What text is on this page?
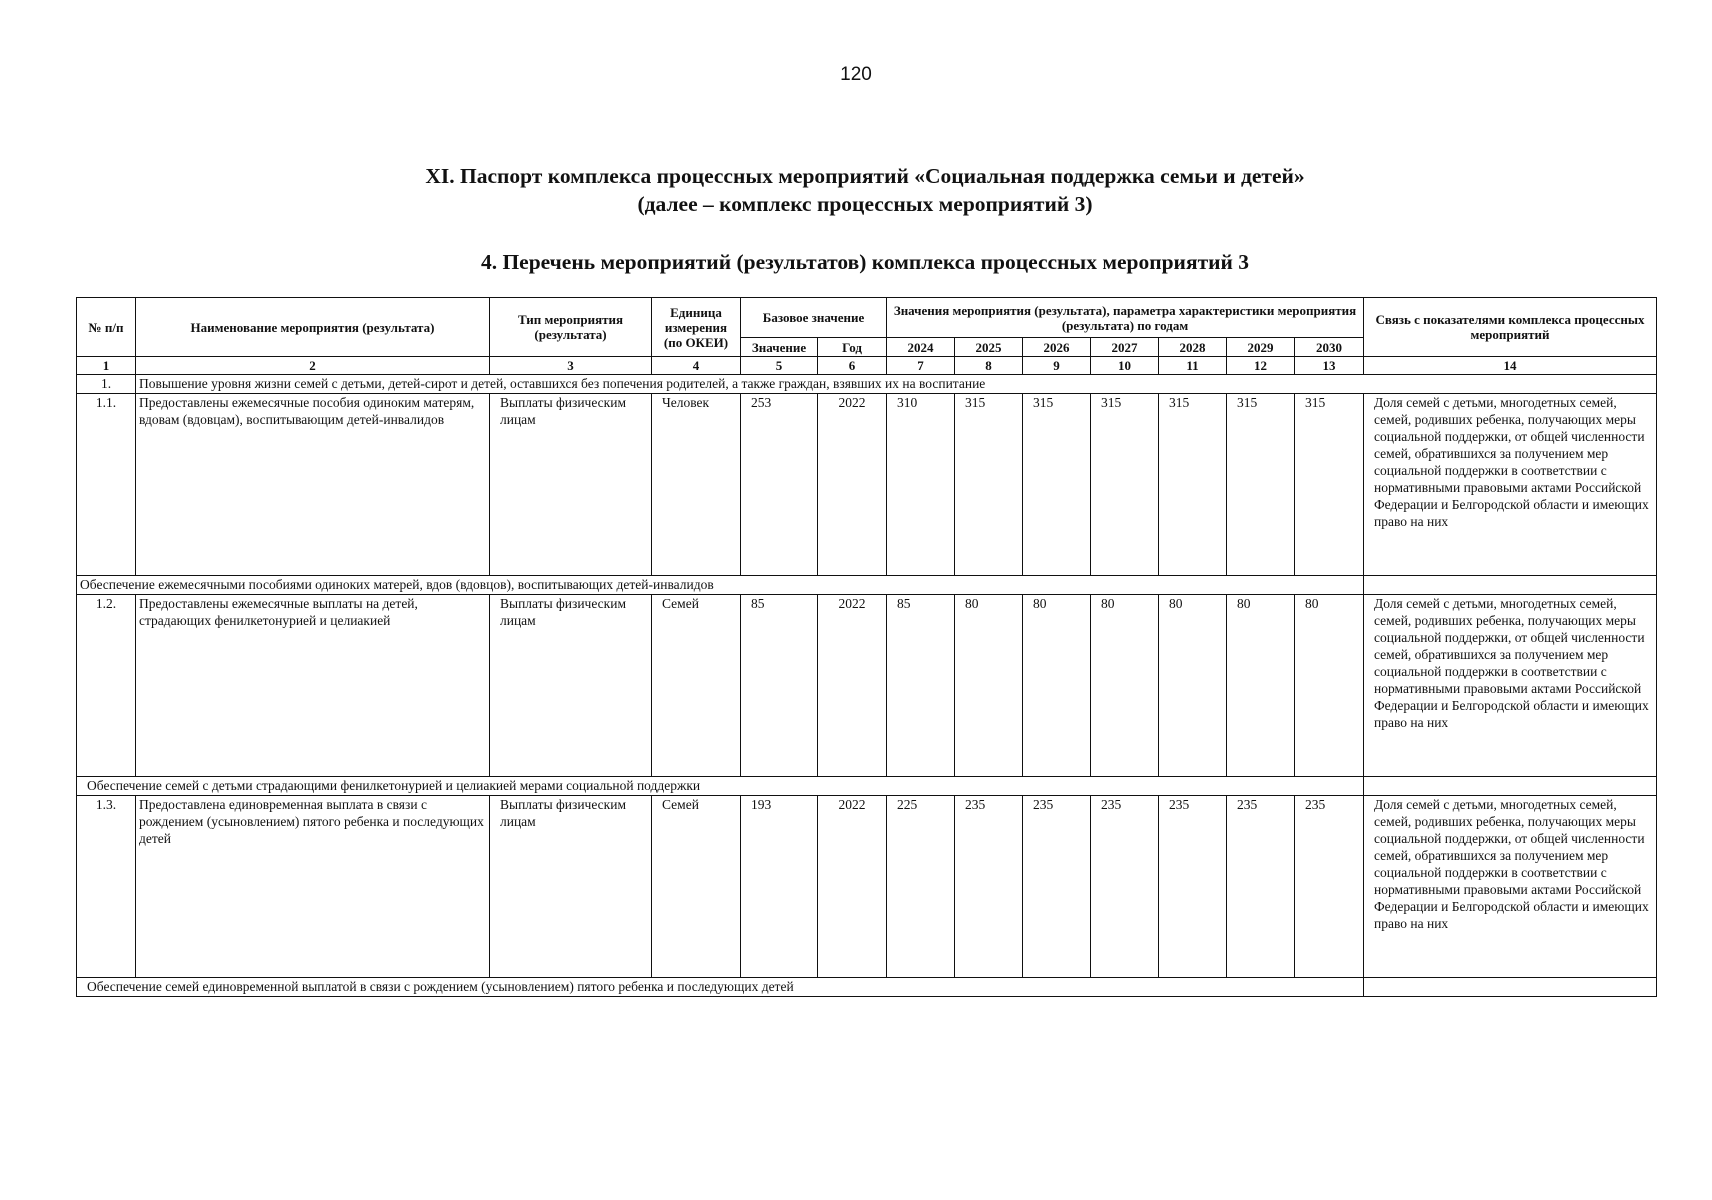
120
XI. Паспорт комплекса процессных мероприятий «Социальная поддержка семьи и детей»
(далее – комплекс процессных мероприятий 3)
4. Перечень мероприятий (результатов) комплекса процессных мероприятий 3
№ п/п	Наименование мероприятия (результата)	Тип мероприятия (результата)	Единица измерения (по ОКЕИ)	Базовое значение		Значения мероприятия (результата), параметра характеристики мероприятия (результата) по годам							Связь с показателями комплекса процессных мероприятий
				Значение	Год	2024	2025	2026	2027	2028	2029	2030	
1	2	3	4	5	6	7	8	9	10	11	12	13	14
1.	Повышение уровня жизни семей с детьми, детей-сирот и детей, оставшихся без попечения родителей, а также граждан, взявших их на воспитание												
1.1.	Предоставлены ежемесячные пособия одиноким матерям, вдовам (вдовцам), воспитывающим детей-инвалидов	Выплаты физическим лицам	Человек	253	2022	310	315	315	315	315	315	315	Доля семей с детьми, многодетных семей, семей, родивших ребенка, получающих меры социальной поддержки, от общей численности семей, обратившихся за получением мер социальной поддержки в соответствии с нормативными правовыми актами Российской Федерации и Белгородской области и имеющих право на них
Обеспечение ежемесячными пособиями одиноких матерей, вдов (вдовцов), воспитывающих детей-инвалидов													
1.2.	Предоставлены ежемесячные выплаты на детей, страдающих фенилкетонурией и целиакией	Выплаты физическим лицам	Семей	85	2022	85	80	80	80	80	80	80	Доля семей с детьми, многодетных семей, семей, родивших ребенка, получающих меры социальной поддержки, от общей численности семей, обратившихся за получением мер социальной поддержки в соответствии с нормативными правовыми актами Российской Федерации и Белгородской области и имеющих право на них
Обеспечение семей с детьми страдающими фенилкетонурией и целиакией мерами социальной поддержки													
1.3.	Предоставлена единовременная выплата в связи с рождением (усыновлением) пятого ребенка и последующих детей	Выплаты физическим лицам	Семей	193	2022	225	235	235	235	235	235	235	Доля семей с детьми, многодетных семей, семей, родивших ребенка, получающих меры социальной поддержки, от общей численности семей, обратившихся за получением мер социальной поддержки в соответствии с нормативными правовыми актами Российской Федерации и Белгородской области и имеющих право на них
Обеспечение семей единовременной выплатой в связи с рождением (усыновлением) пятого ребенка и последующих детей													
